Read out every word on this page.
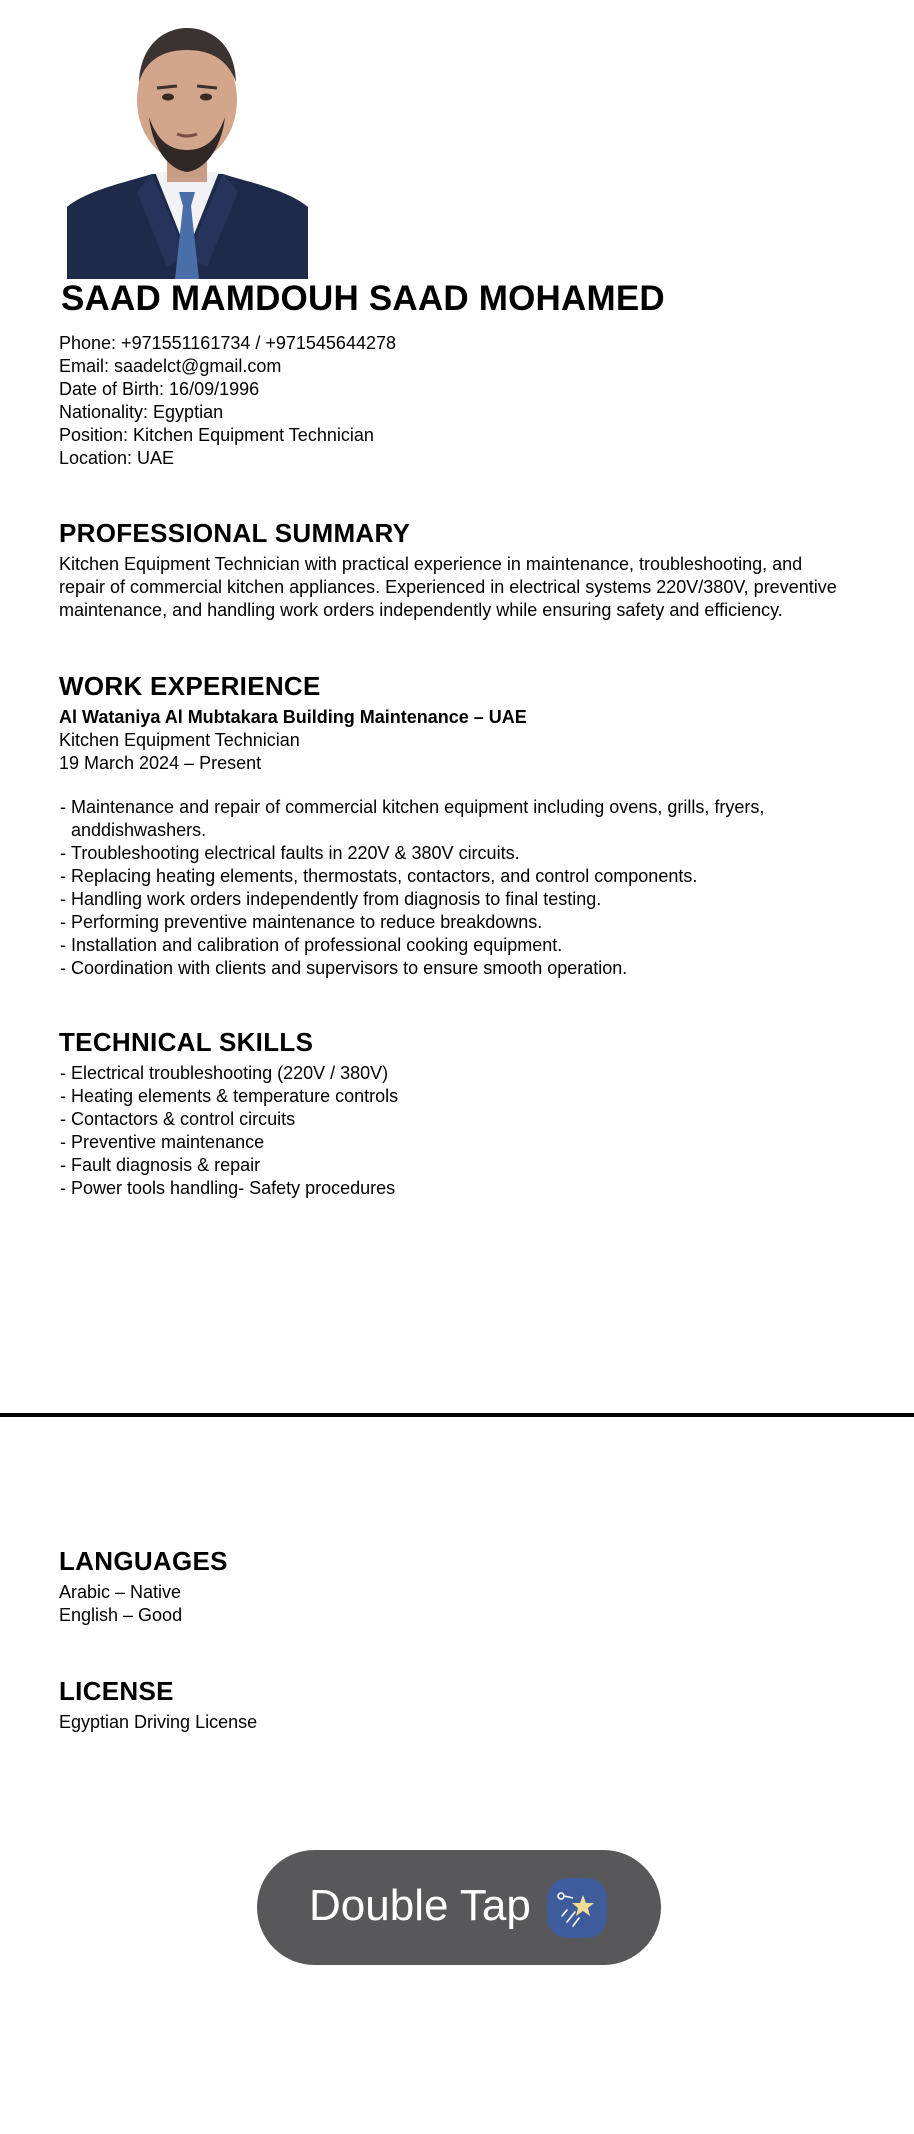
SAAD MAMDOUH SAAD MOHAMED

Phone: +971551161734 / +971545644278

Email: saadelct@gmail.com

Date of Birth: 16/09/1996

Nationality: Egyptian

Position: Kitchen Equipment Technician

Location: UAE

PROFESSIONAL SUMMARY

Kitchen Equipment Technician with practical experience in maintenance, troubleshooting, and

repair of commercial kitchen appliances. Experienced in electrical systems 220V/380V, preventive

maintenance, and handling work orders independently while ensuring safety and efficiency.

WORK EXPERIENCE

Al Wataniya Al Mubtakara Building Maintenance – UAE

Kitchen Equipment Technician

19 March 2024 – Present

- Maintenance and repair of commercial kitchen equipment including ovens, grills, fryers,
anddishwashers.
- Troubleshooting electrical faults in 220V & 380V circuits.
- Replacing heating elements, thermostats, contactors, and control components.
- Handling work orders independently from diagnosis to final testing.
- Performing preventive maintenance to reduce breakdowns.
- Installation and calibration of professional cooking equipment.
- Coordination with clients and supervisors to ensure smooth operation.
TECHNICAL SKILLS
- Electrical troubleshooting (220V / 380V)
- Heating elements & temperature controls
- Contactors & control circuits
- Preventive maintenance
- Fault diagnosis & repair
- Power tools handling- Safety procedures
LANGUAGES

Arabic – Native

English – Good

LICENSE

Egyptian Driving License

Double Tap
